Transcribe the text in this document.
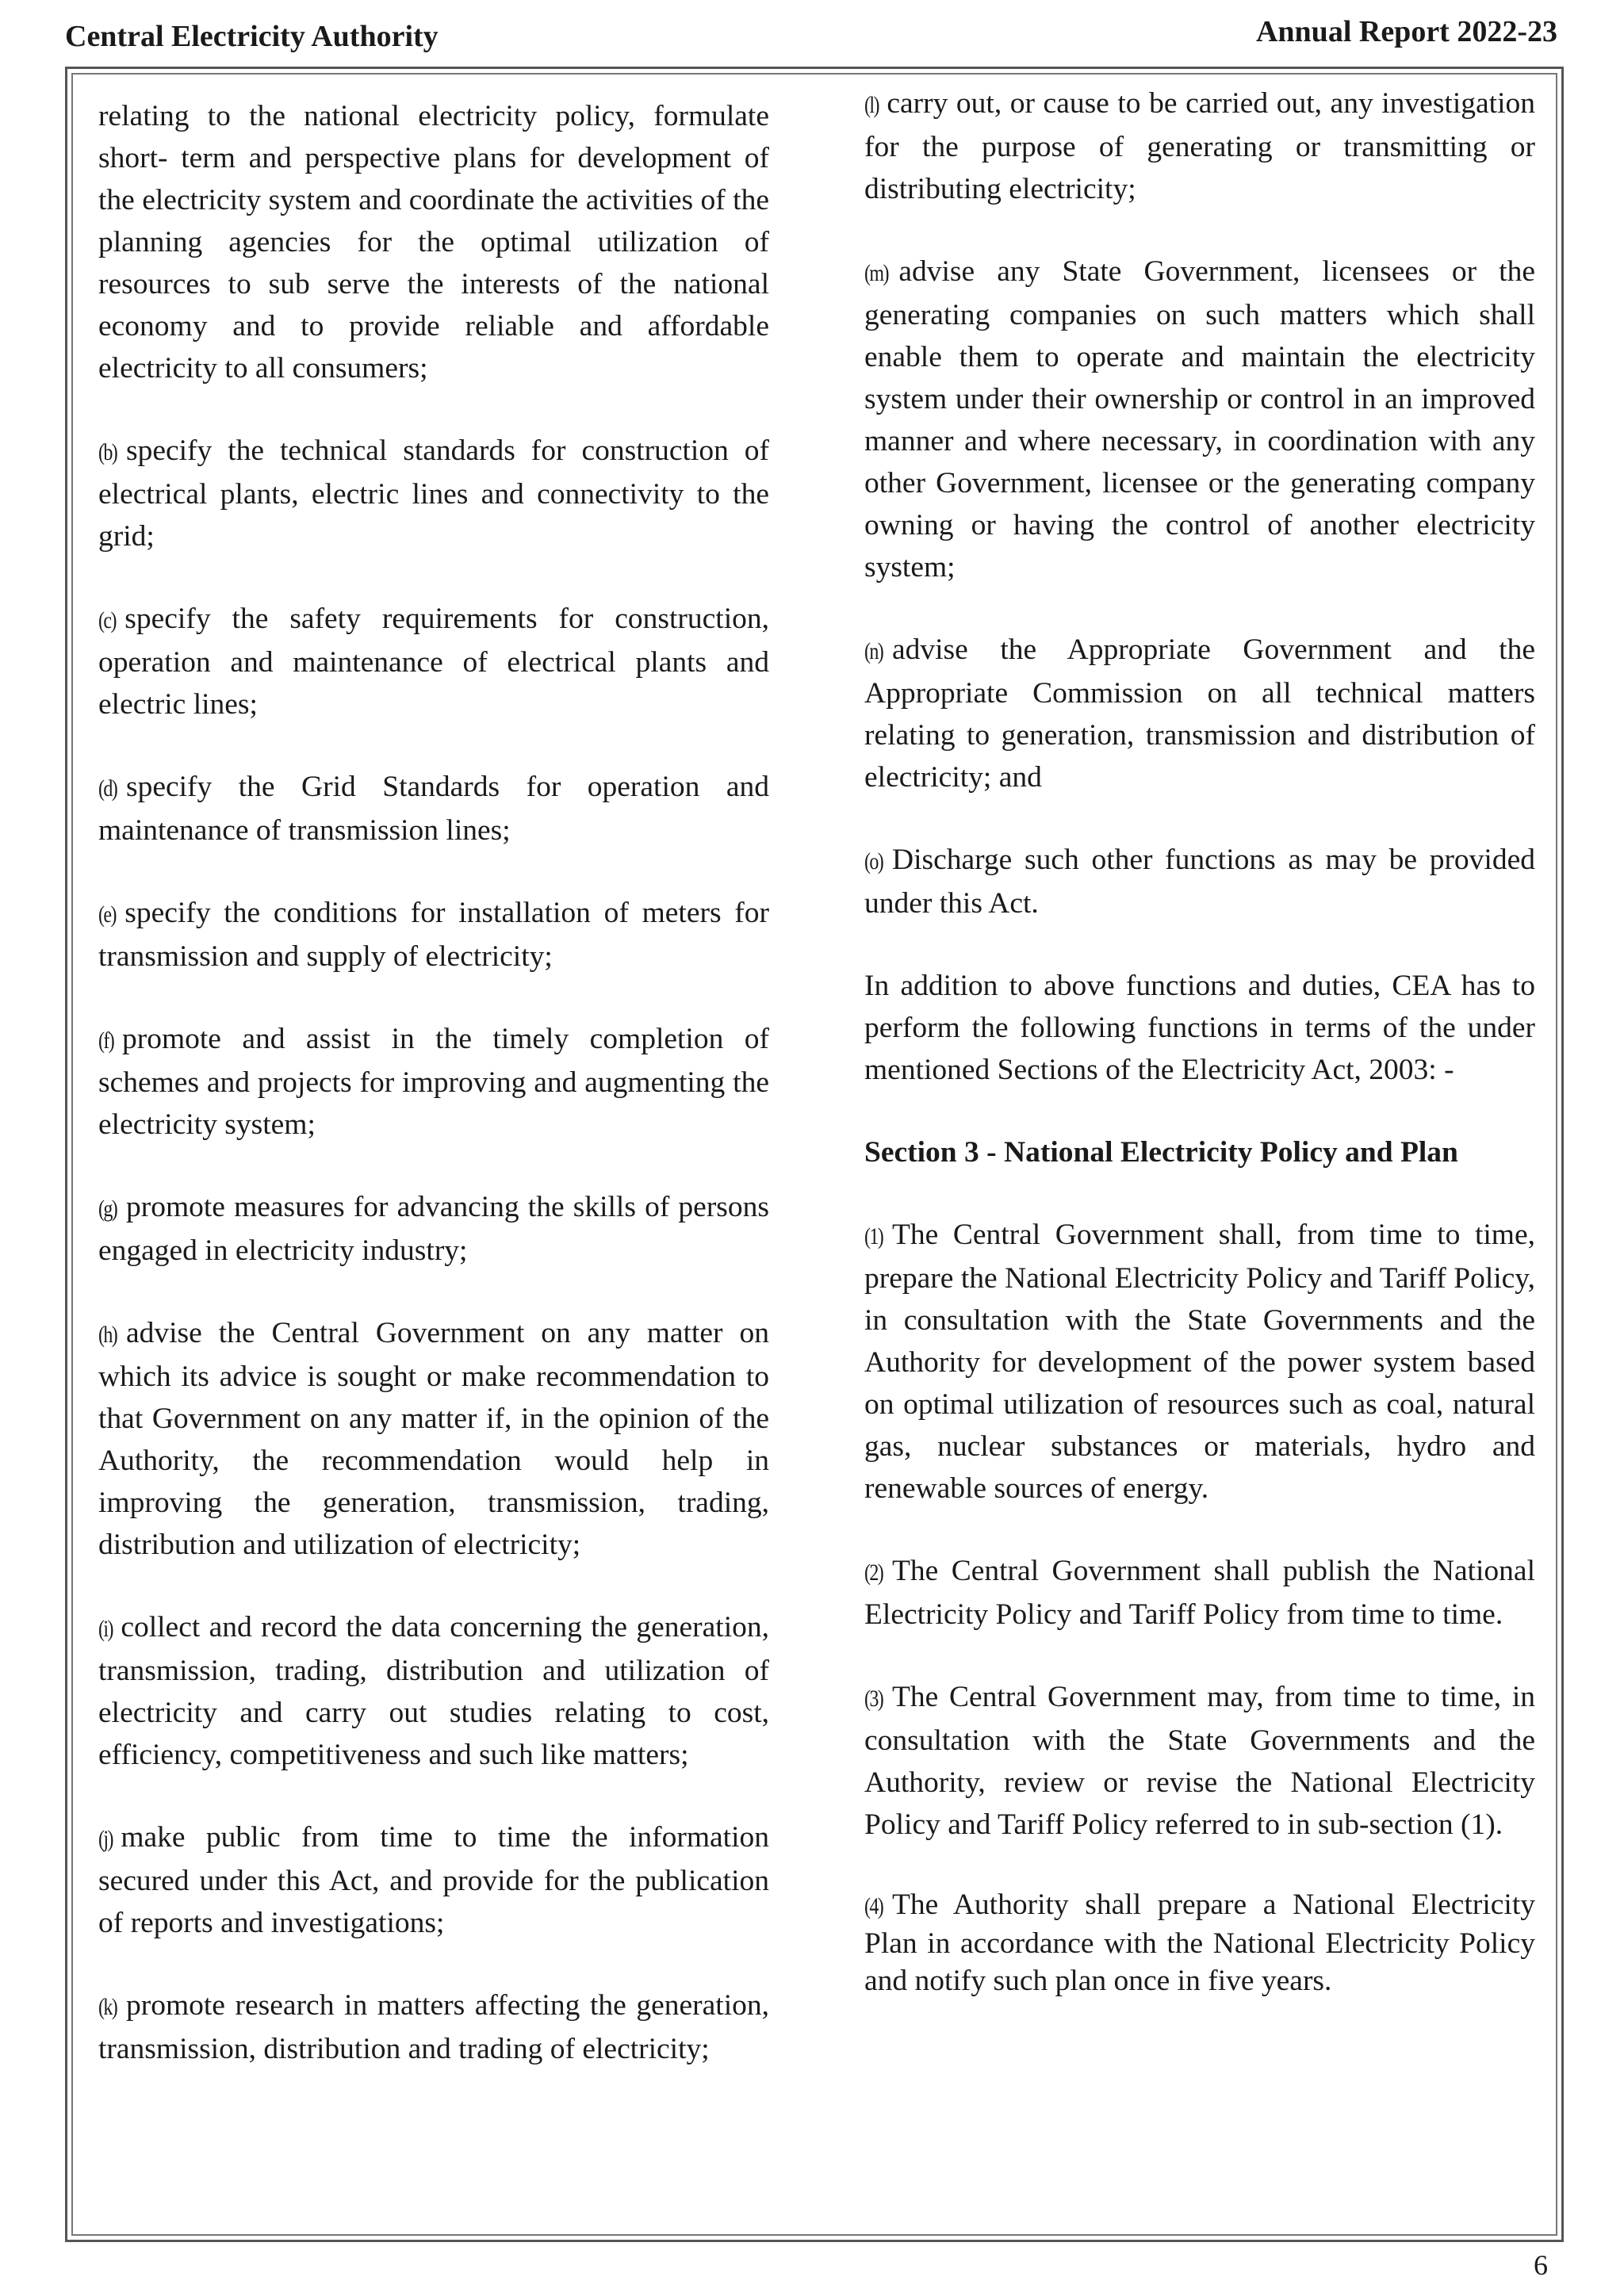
Central Electricity Authority	Annual Report 2022-23

relating to the national electricity policy, formulate short- term and perspective plans for development of the electricity system and coordinate the activities of the planning agencies for the optimal utilization of resources to sub serve the interests of the national economy and to provide reliable and affordable electricity to all consumers;

(b) specify the technical standards for construction of electrical plants, electric lines and connectivity to the grid;

(c) specify the safety requirements for construction, operation and maintenance of electrical plants and electric lines;

(d) specify the Grid Standards for operation and maintenance of transmission lines;

(e) specify the conditions for installation of meters for transmission and supply of electricity;

(f) promote and assist in the timely completion of schemes and projects for improving and augmenting the electricity system;

(g) promote measures for advancing the skills of persons engaged in electricity industry;

(h) advise the Central Government on any matter on which its advice is sought or make recommendation to that Government on any matter if, in the opinion of the Authority, the recommendation would help in improving the generation, transmission, trading, distribution and utilization of electricity;

(i) collect and record the data concerning the generation, transmission, trading, distribution and utilization of electricity and carry out studies relating to cost, efficiency, competitiveness and such like matters;

(j) make public from time to time the information secured under this Act, and provide for the publication of reports and investigations;

(k) promote research in matters affecting the generation, transmission, distribution and trading of electricity;

(l) carry out, or cause to be carried out, any investigation for the purpose of generating or transmitting or distributing electricity;

(m) advise any State Government, licensees or the generating companies on such matters which shall enable them to operate and maintain the electricity system under their ownership or control in an improved manner and where necessary, in coordination with any other Government, licensee or the generating company owning or having the control of another electricity system;

(n) advise the Appropriate Government and the Appropriate Commission on all technical matters relating to generation, transmission and distribution of electricity; and

(o) Discharge such other functions as may be provided under this Act.

In addition to above functions and duties, CEA has to perform the following functions in terms of the under mentioned Sections of the Electricity Act, 2003: -

Section 3 - National Electricity Policy and Plan

(1) The Central Government shall, from time to time, prepare the National Electricity Policy and Tariff Policy, in consultation with the State Governments and the Authority for development of the power system based on optimal utilization of resources such as coal, natural gas, nuclear substances or materials, hydro and renewable sources of energy.

(2) The Central Government shall publish the National Electricity Policy and Tariff Policy from time to time.

(3) The Central Government may, from time to time, in consultation with the State Governments and the Authority, review or revise the National Electricity Policy and Tariff Policy referred to in sub-section (1).

(4) The Authority shall prepare a National Electricity Plan in accordance with the National Electricity Policy and notify such plan once in five years.

6
